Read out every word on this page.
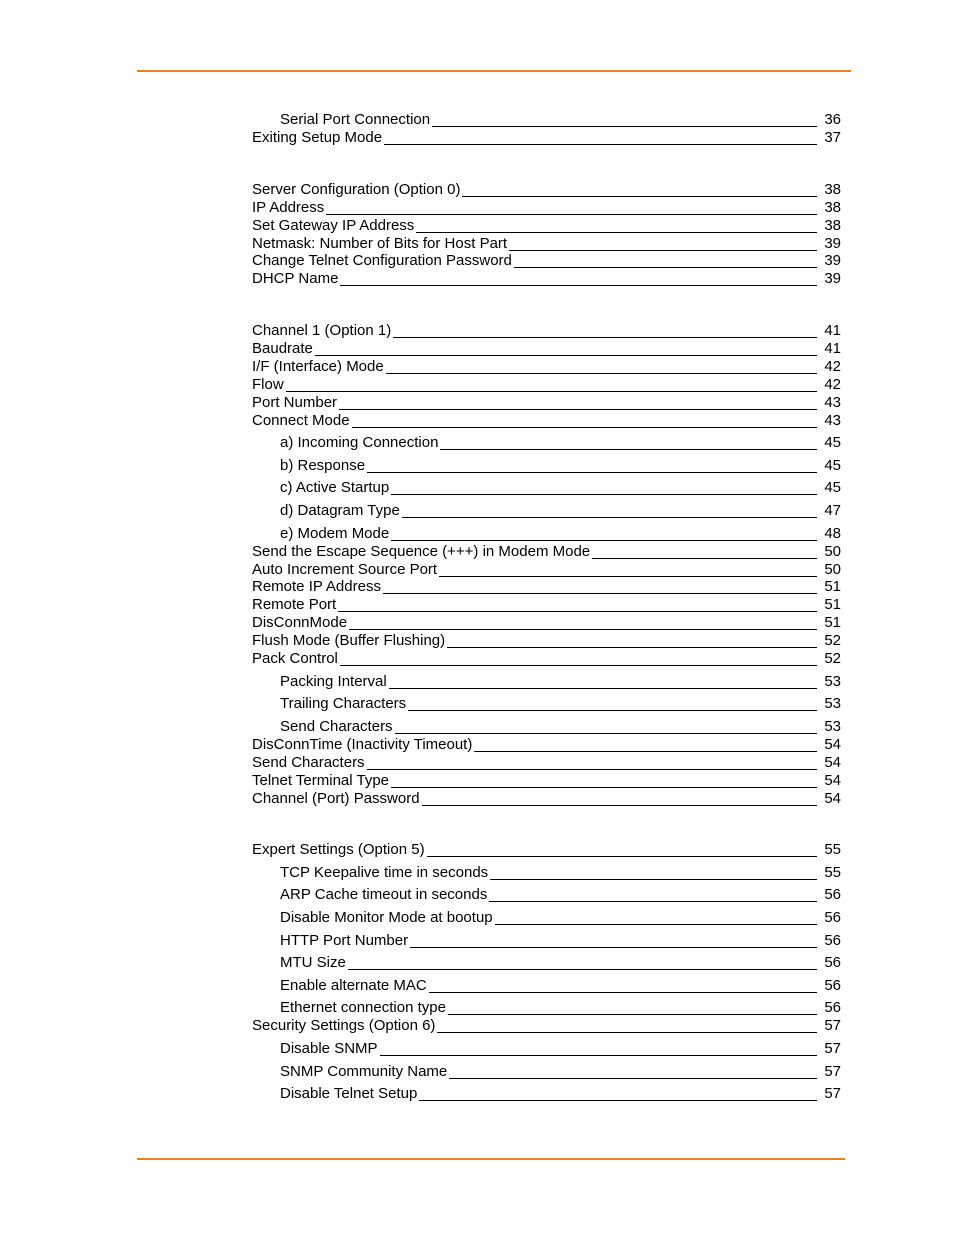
Serial Port Connection	36
Exiting Setup Mode	37
Server Configuration (Option 0)	38
IP Address	38
Set Gateway IP Address	38
Netmask: Number of Bits for Host Part	39
Change Telnet Configuration Password	39
DHCP Name	39
Channel 1 (Option 1)	41
Baudrate	41
I/F (Interface) Mode	42
Flow	42
Port Number	43
Connect Mode	43
a) Incoming Connection	45
b) Response	45
c) Active Startup	45
d) Datagram Type	47
e) Modem Mode	48
Send the Escape Sequence (+++) in Modem Mode	50
Auto Increment Source Port	50
Remote IP Address	51
Remote Port	51
DisConnMode	51
Flush Mode (Buffer Flushing)	52
Pack Control	52
Packing Interval	53
Trailing Characters	53
Send Characters	53
DisConnTime (Inactivity Timeout)	54
Send Characters	54
Telnet Terminal Type	54
Channel (Port) Password	54
Expert Settings (Option 5)	55
TCP Keepalive time in seconds	55
ARP Cache timeout in seconds	56
Disable Monitor Mode at bootup	56
HTTP Port Number	56
MTU Size	56
Enable alternate MAC	56
Ethernet connection type	56
Security Settings (Option 6)	57
Disable SNMP	57
SNMP Community Name	57
Disable Telnet Setup	57
